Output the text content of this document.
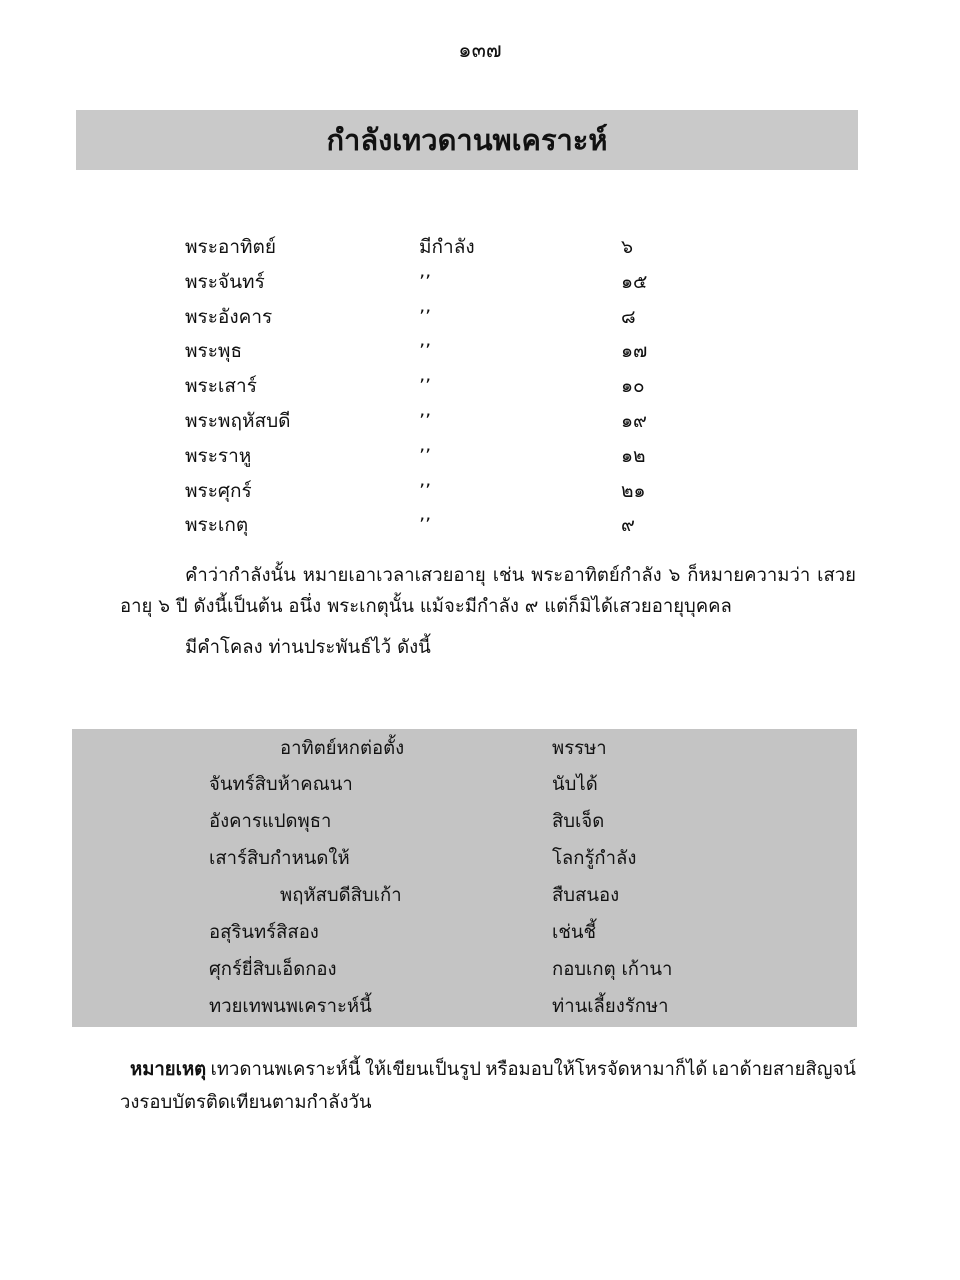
๑๓๗
กำลังเทวดานพเคราะห์
พระอาทิตย์	มีกำลัง	๖
พระจันทร์	’’	๑๕
พระอังคาร	’’	๘
พระพุธ	’’	๑๗
พระเสาร์	’’	๑๐
พระพฤหัสบดี	’’	๑๙
พระราหู	’’	๑๒
พระศุกร์	’’	๒๑
พระเกตุ	’’	๙

คำว่ากำลังนั้น หมายเอาเวลาเสวยอายุ เช่น พระอาทิตย์กำลัง ๖ ก็หมายความว่า เสวยอายุ ๖ ปี ดังนี้เป็นต้น อนึ่ง พระเกตุนั้น แม้จะมีกำลัง ๙ แต่ก็มิได้เสวยอายุบุคคล

มีคำโคลง ท่านประพันธ์ไว้ ดังนี้

อาทิตย์หกต่อตั้ง	พรรษา
จันทร์สิบห้าคณนา	นับได้
อังคารแปดพุธา	สิบเจ็ด
เสาร์สิบกำหนดให้	โลกรู้กำลัง
พฤหัสบดีสิบเก้า	สืบสนอง
อสุรินทร์สิสอง	เช่นชี้
ศุกร์ยี่สิบเอ็ดกอง	กอบเกตุ เก้านา
ทวยเทพนพเคราะห์นี้	ท่านเลี้ยงรักษา
หมายเหตุ เทวดานพเคราะห์นี้ ให้เขียนเป็นรูป หรือมอบให้โหรจัดหามาก็ได้ เอาด้ายสายสิญจน์
วงรอบบัตรติดเทียนตามกำลังวัน
